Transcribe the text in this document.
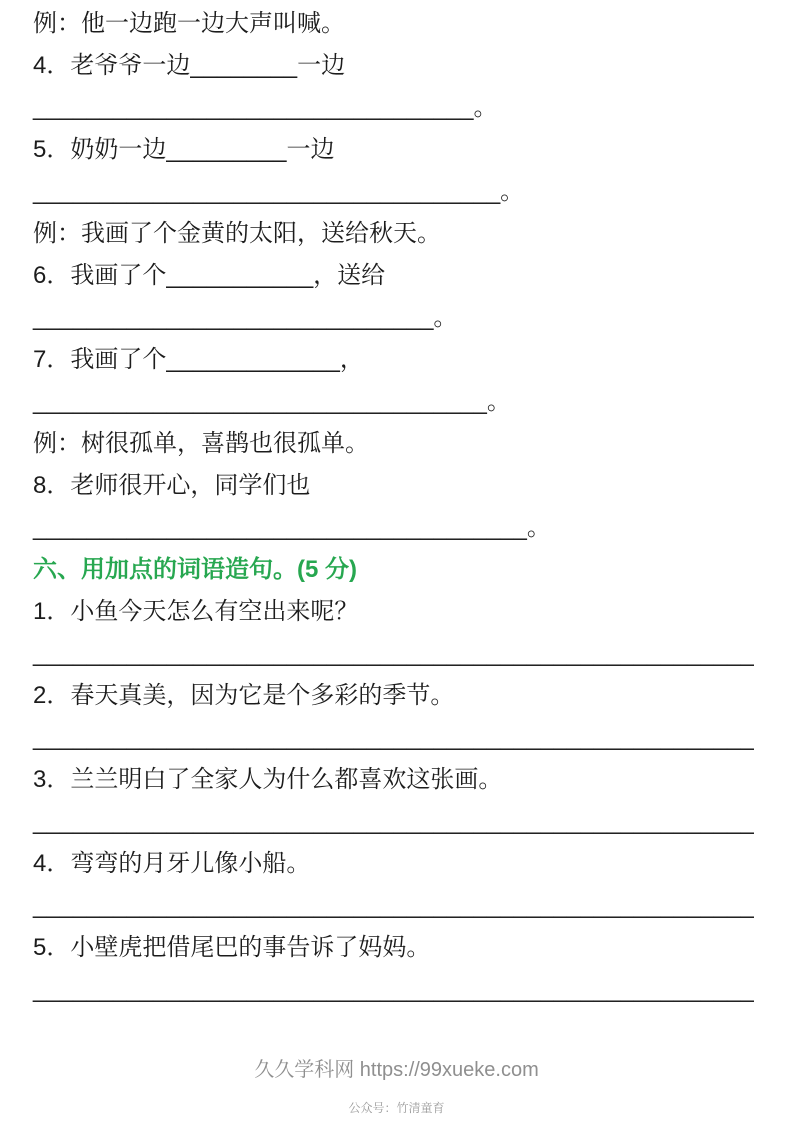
例：他一边跑一边大声叫喊。
4．老爷爷一边________一边
_________________________________。
5．奶奶一边_________一边
___________________________________。
例：我画了个金黄的太阳，送给秋天。
6．我画了个___________，送给
______________________________。
7．我画了个_____________，
__________________________________。
例：树很孤单，喜鹊也很孤单。
8．老师很开心，同学们也
_____________________________________。
六、用加点的词语造句。(5 分)
1．小鱼今天怎么有空出来呢？
______________________________________________________
2．春天真美，因为它是个多彩的季节。
______________________________________________________
3．兰兰明白了全家人为什么都喜欢这张画。
______________________________________________________
4．弯弯的月牙儿像小船。
______________________________________________________
5．小壁虎把借尾巴的事告诉了妈妈。
______________________________________________________
久久学科网 https://99xueke.com
公众号：竹清童育
